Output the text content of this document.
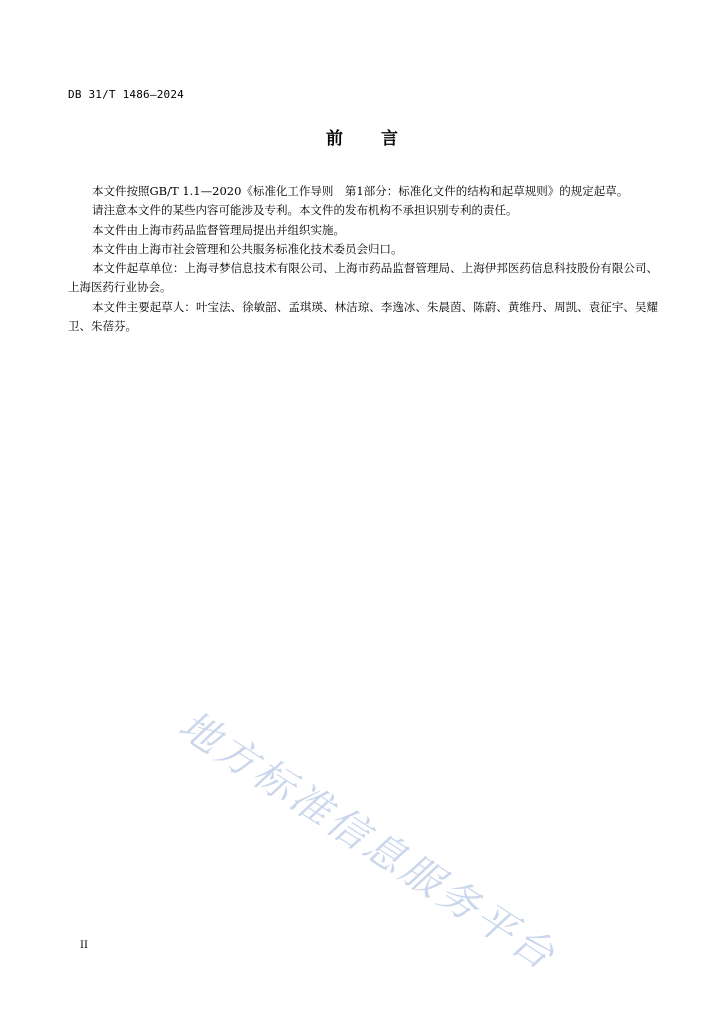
DB 31/T 1486—2024
前 言

本文件按照GB/T 1.1—2020《标准化工作导则　第1部分：标准化文件的结构和起草规则》的规定起草。

请注意本文件的某些内容可能涉及专利。本文件的发布机构不承担识别专利的责任。

本文件由上海市药品监督管理局提出并组织实施。

本文件由上海市社会管理和公共服务标准化技术委员会归口。

本文件起草单位：上海寻梦信息技术有限公司、上海市药品监督管理局、上海伊邦医药信息科技股份有限公司、上海医药行业协会。

本文件主要起草人：叶宝法、徐敏韶、孟琪瑛、林洁琼、李逸冰、朱晨茵、陈蔚、黄维丹、周凯、袁征宇、吴耀卫、朱蓓芬。

地方标准信息服务平台
II
